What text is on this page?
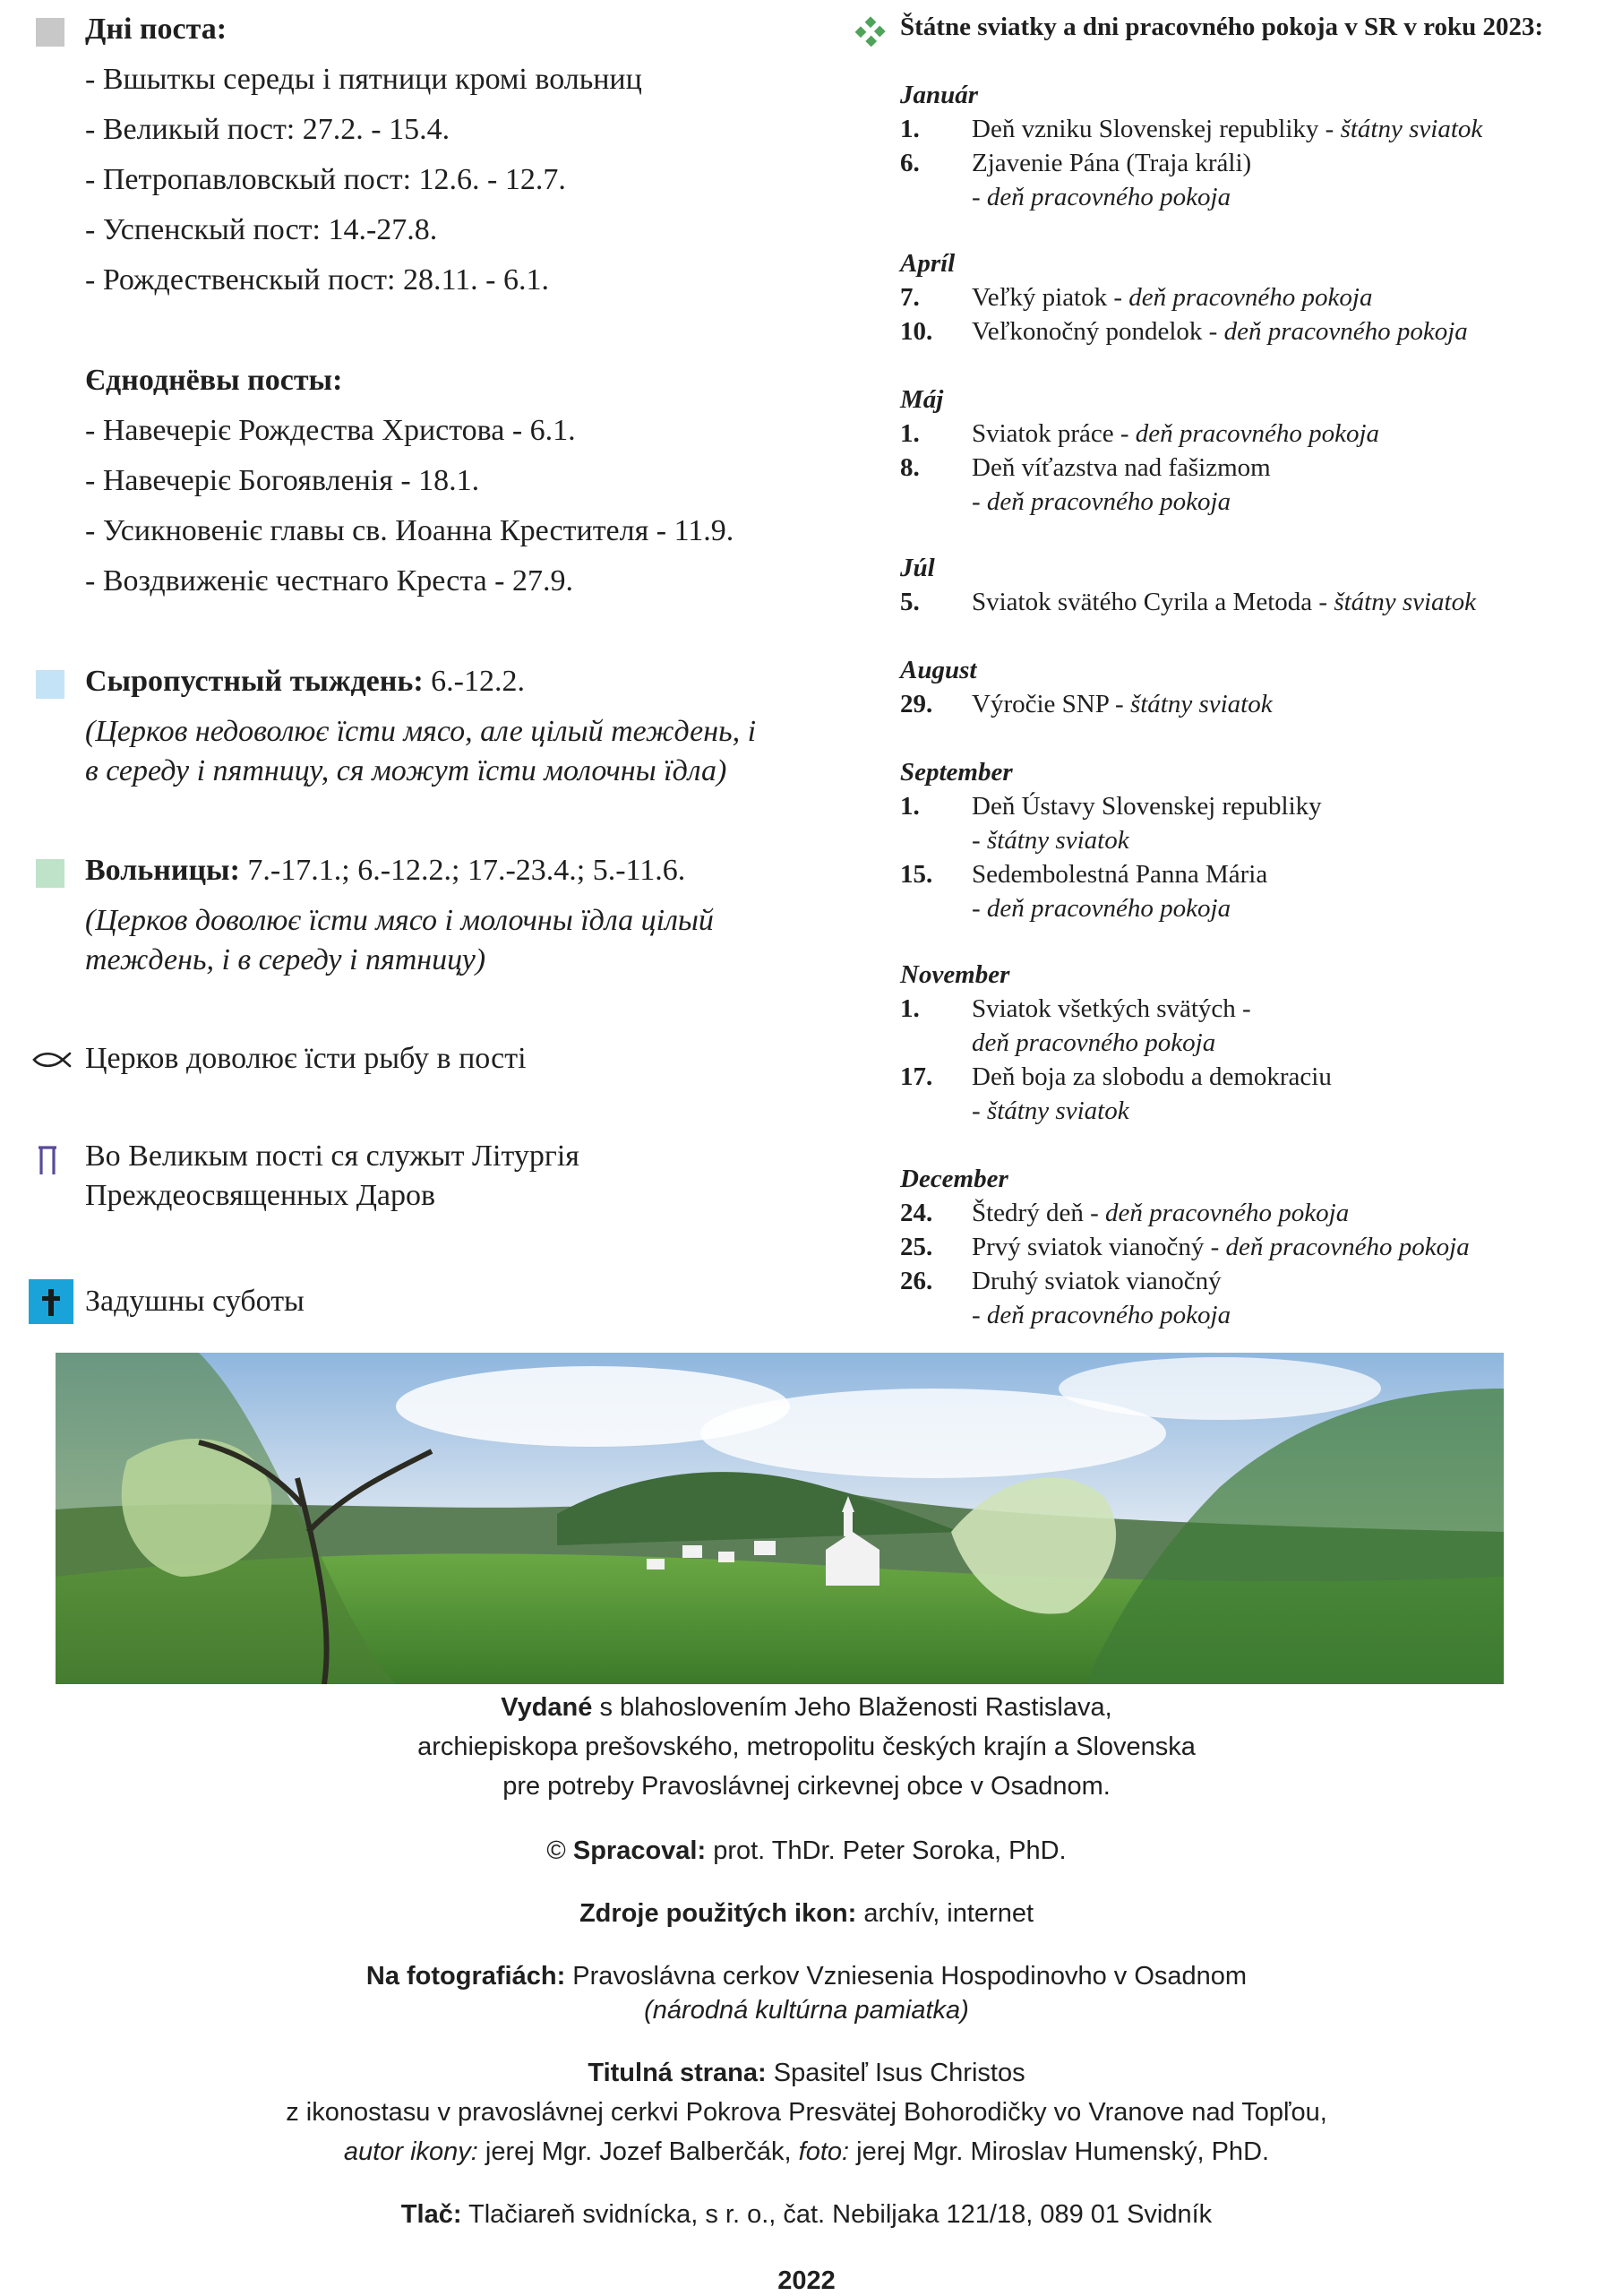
Дні поста:
- Вшыткы середы і пятници кромі вольниц
- Великый пост: 27.2. - 15.4.
- Петропавловскый пост: 12.6. - 12.7.
- Успенскый пост: 14.-27.8.
- Рождественскый пост: 28.11. - 6.1.
Єдноднёвы посты:
- Навечеріє Рождества Христова - 6.1.
- Навечеріє Богоявленія - 18.1.
- Усикновеніє главы св. Иоанна Крестителя - 11.9.
- Воздвиженіє честнаго Креста - 27.9.
Сыропустный тыждень: 6.-12.2.
(Церков недоволює їсти мясо, але цілый теждень, і
в середу і пятницу, ся можут їсти молочны їдла)
Вольницы: 7.-17.1.; 6.-12.2.; 17.-23.4.; 5.-11.6.
(Церков доволює їсти мясо і молочны їдла цілый
теждень, і в середу і пятницу)
Церков доволює їсти рыбу в пості
Во Великым пості ся служыт Літургія
Преждеосвященных Даров
Задушны суботы
Štátne sviatky a dni pracovného pokoja v SR v roku 2023:
Január
1. Deň vzniku Slovenskej republiky - štátny sviatok
6. Zjavenie Pána (Traja králi)
- deň pracovného pokoja
Apríl
7. Veľký piatok - deň pracovného pokoja
10. Veľkonočný pondelok - deň pracovného pokoja
Máj
1. Sviatok práce - deň pracovného pokoja
8. Deň víťazstva nad fašizmom
- deň pracovného pokoja
Júl
5. Sviatok svätého Cyrila a Metoda - štátny sviatok
August
29. Výročie SNP - štátny sviatok
September
1. Deň Ústavy Slovenskej republiky
- štátny sviatok
15. Sedembolestná Panna Mária
- deň pracovného pokoja
November
1. Sviatok všetkých svätých -
deň pracovného pokoja
17. Deň boja za slobodu a demokraciu
- štátny sviatok
December
24. Štedrý deň - deň pracovného pokoja
25. Prvý sviatok vianočný - deň pracovného pokoja
26. Druhý sviatok vianočný
- deň pracovného pokoja
Vydané s blahoslovením Jeho Blaženosti Rastislava,
archiepiskopa prešovského, metropolitu českých krajín a Slovenska
pre potreby Pravoslávnej cirkevnej obce v Osadnom.
© Spracoval: prot. ThDr. Peter Soroka, PhD.
Zdroje použitých ikon: archív, internet
Na fotografiách: Pravoslávna cerkov Vzniesenia Hospodinovho v Osadnom
(národná kultúrna pamiatka)
Titulná strana: Spasiteľ Isus Christos
z ikonostasu v pravoslávnej cerkvi Pokrova Presvätej Bohorodičky vo Vranove nad Topľou,
autor ikony: jerej Mgr. Jozef Balberčák, foto: jerej Mgr. Miroslav Humenský, PhD.
Tlač: Tlačiareň svidnícka, s r. o., čat. Nebiljaka 121/18, 089 01 Svidník
2022
